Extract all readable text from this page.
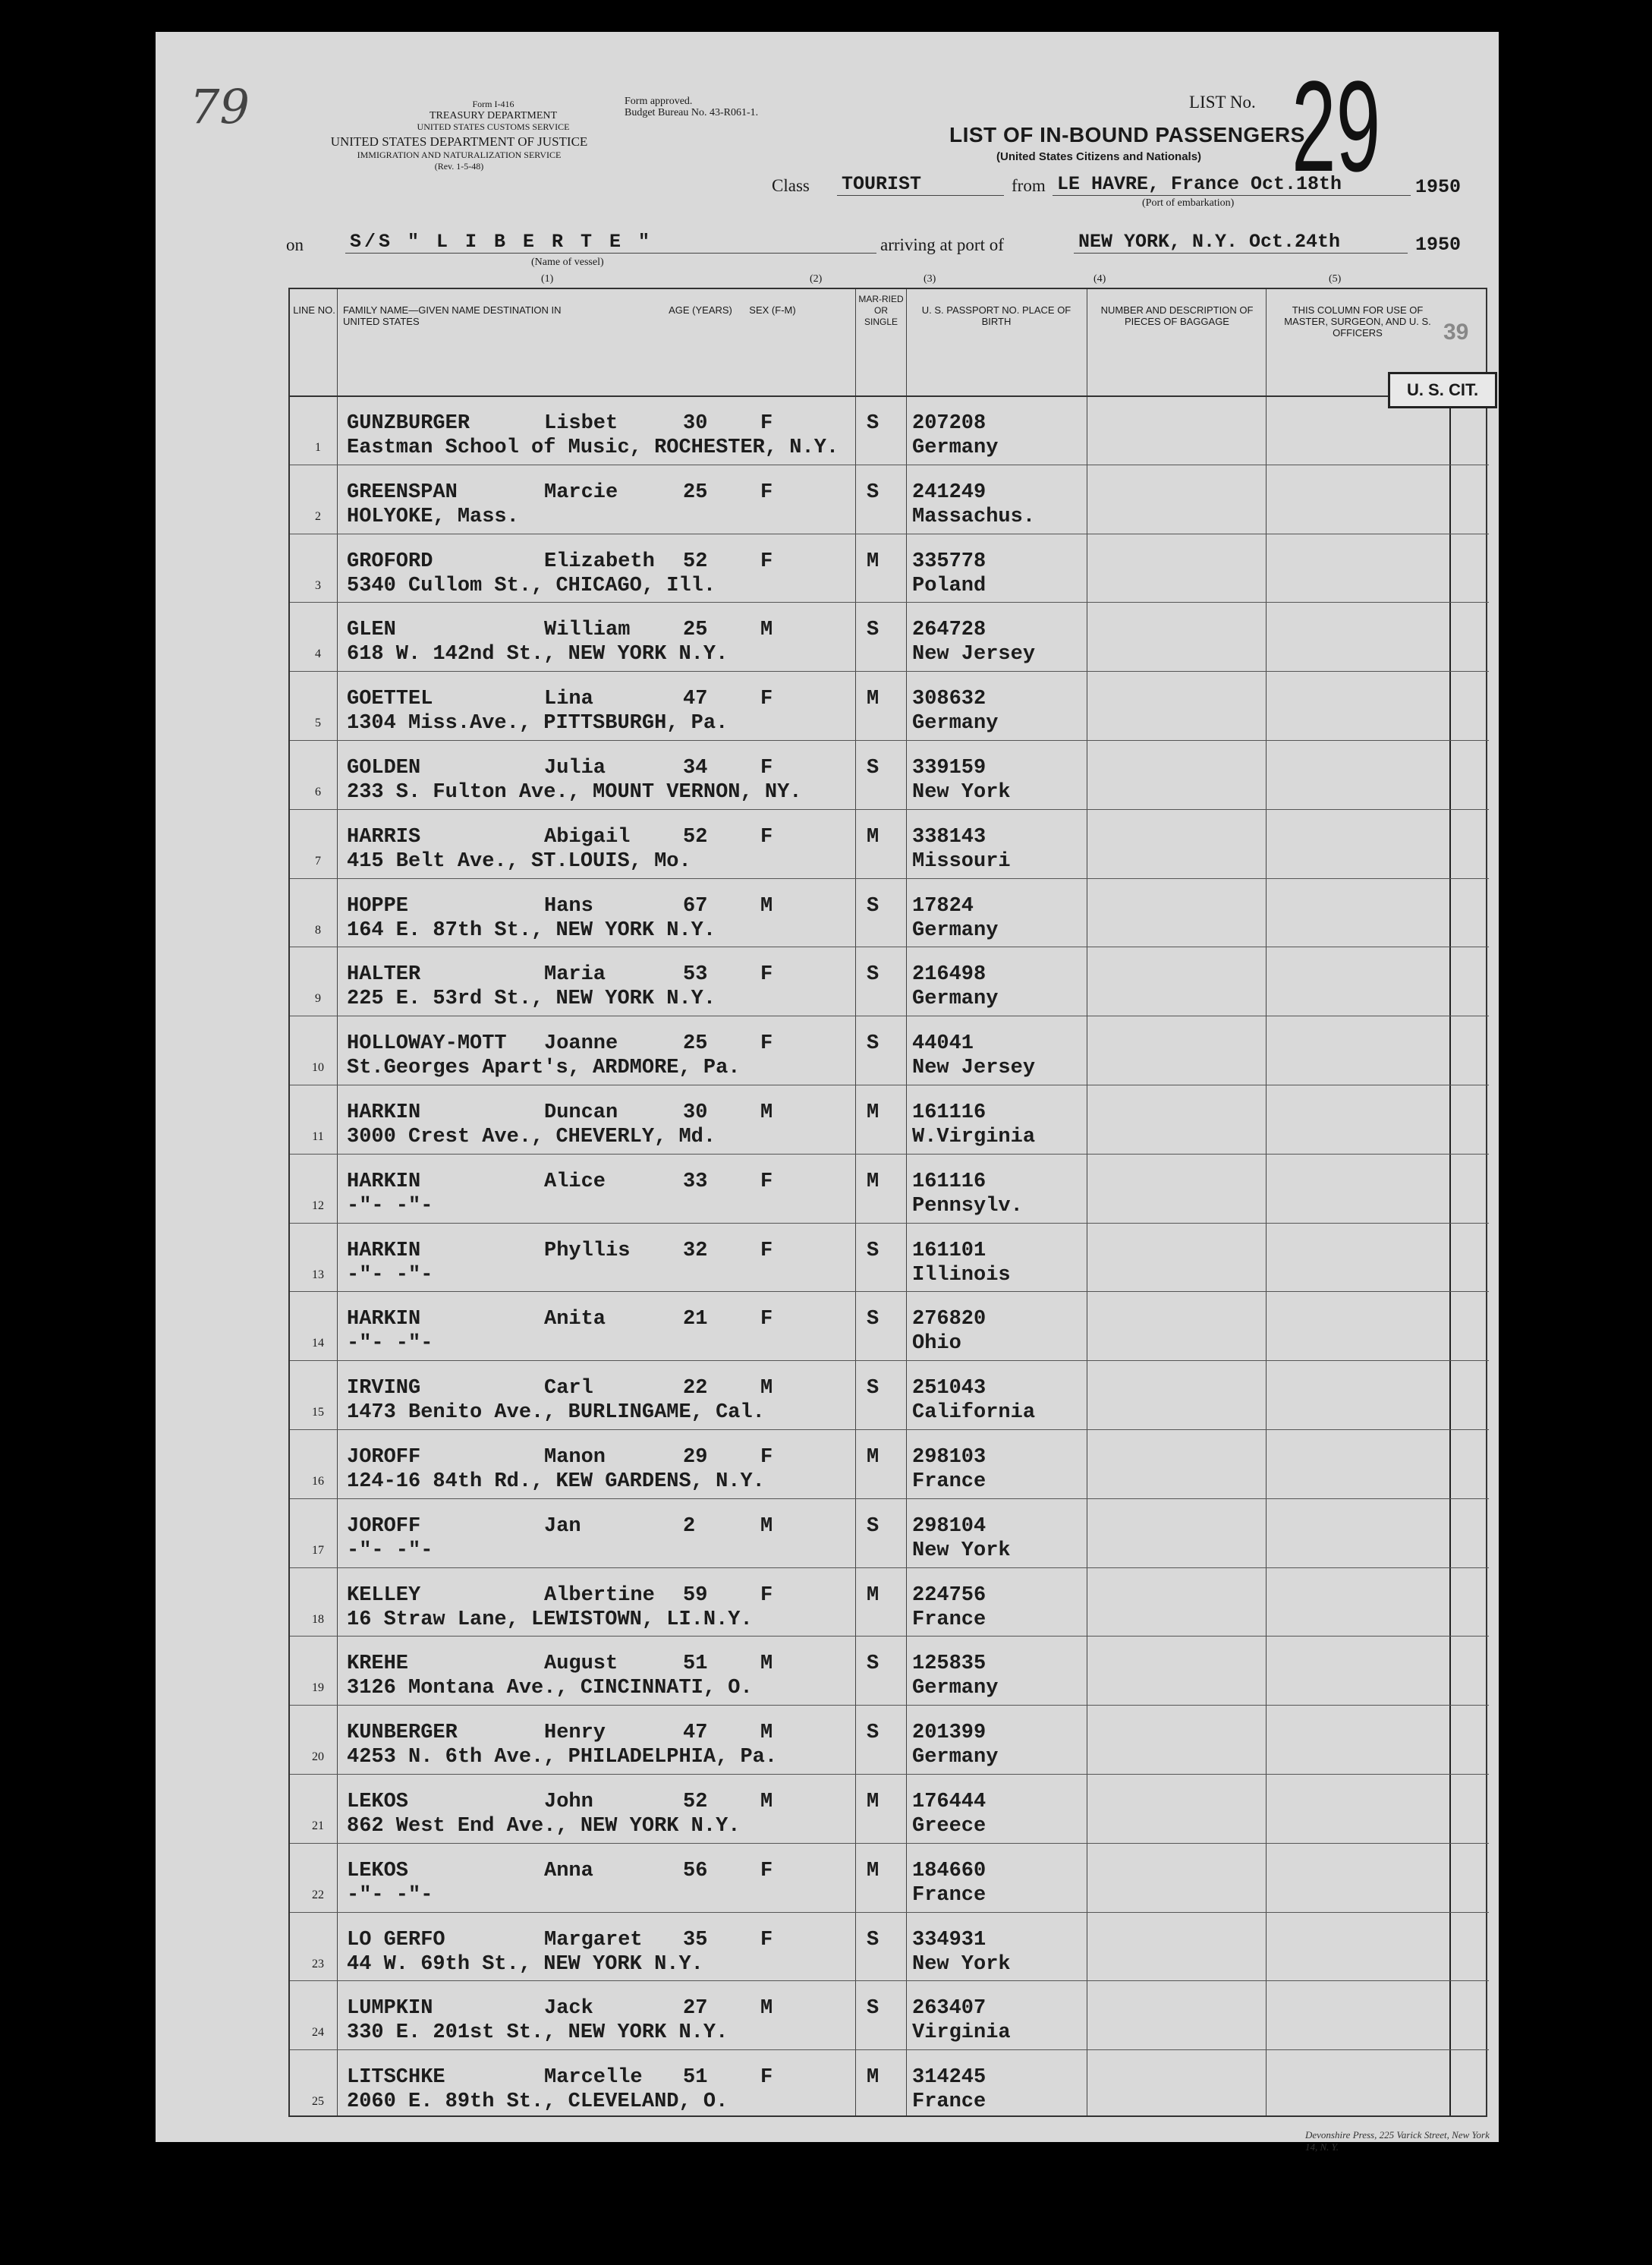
79	Form I-416
TREASURY DEPARTMENT
UNITED STATES CUSTOMS SERVICE
UNITED STATES DEPARTMENT OF JUSTICE
IMMIGRATION AND NATURALIZATION SERVICE
(Rev. 1-5-48)
Form approved.
Budget Bureau No. 43-R061-1.
LIST No. 29
LIST OF IN-BOUND PASSENGERS
(United States Citizens and Nationals)
Class TOURIST	from LE HAVRE, France Oct.18th	1950
(Port of embarkation)
on S/S " L I B E R T E "
(Name of vessel)
arriving at port of	NEW YORK, N.Y. Oct.24th	1950
(1)	(2)	(3)	(4)	(5)
LINE NO. FAMILY NAME—GIVEN NAME DESTINATION IN UNITED STATES
AGE (YEARS)	SEX (F-M)
MAR-RIED OR SINGLE
U. S. PASSPORT NO. PLACE OF BIRTH
NUMBER AND DESCRIPTION OF PIECES OF BAGGAGE
THIS COLUMN FOR USE OF MASTER, SURGEON, AND U. S. OFFICERS	39
1
GUNZBURGER	Lisbet	30	F	S 207208
Eastman School of Music, ROCHESTER, N.Y.	Germany
2
GREENSPAN	Marcie	25	F	S 241249
HOLYOKE, Mass.	Massachus.
3
GROFORD	Elizabeth 52	F	M 335778
5340 Cullom St., CHICAGO, Ill.	Poland
4
GLEN	William	25	M	S 264728
618 W. 142nd St., NEW YORK N.Y.	New Jersey
5
GOETTEL	Lina	47	F	M 308632
1304 Miss.Ave., PITTSBURGH, Pa.	Germany
6
GOLDEN	Julia	34	F	S 339159
233 S. Fulton Ave., MOUNT VERNON, NY.	New York
7
HARRIS	Abigail	52	F	M 338143
415 Belt Ave., ST.LOUIS, Mo.	Missouri
8
HOPPE	Hans	67	M	S 17824
164 E. 87th St., NEW YORK N.Y.	Germany
9
HALTER	Maria	53	F	S 216498
225 E. 53rd St., NEW YORK N.Y.	Germany
10
HOLLOWAY-MOTT Joanne	25	F	S 44041
St.Georges Apart's, ARDMORE, Pa.	New Jersey
11
HARKIN	Duncan	30	M	M 161116
3000 Crest Ave., CHEVERLY, Md.	W.Virginia
12
HARKIN	Alice	33	F	M 161116
-"- -"-	Pennsylv.
13
HARKIN	Phyllis	32	F	S 161101
-"- -"-	Illinois
14
HARKIN	Anita	21	F	S 276820
-"- -"-	Ohio
15
IRVING	Carl	22	M	S 251043
1473 Benito Ave., BURLINGAME, Cal.	California
16
JOROFF	Manon	29	F	M 298103
124-16 84th Rd., KEW GARDENS, N.Y.	France
17
JOROFF	Jan	2	M	S 298104
-"- -"-	New York
18
KELLEY	Albertine 59	F	M 224756
16 Straw Lane, LEWISTOWN, LI.N.Y.	France
19
KREHE	August	51	M	S 125835
3126 Montana Ave., CINCINNATI, O.	Germany
20
KUNBERGER	Henry	47	M	S 201399
4253 N. 6th Ave., PHILADELPHIA, Pa.	Germany
21
LEKOS	John	52	M	M 176444
862 West End Ave., NEW YORK N.Y.	Greece
22
LEKOS	Anna	56	F	M 184660
-"- -"-	France
23
LO GERFO	Margaret 35	F	S 334931
44 W. 69th St., NEW YORK N.Y.	New York
24
LUMPKIN	Jack	27	M	S 263407
330 E. 201st St., NEW YORK N.Y.	Virginia
25
LITSCHKE	Marcelle 51	F	M 314245
2060 E. 89th St., CLEVELAND, O.	France
U. S. CIT.
Devonshire Press, 225 Varick Street, New York 14, N. Y.
